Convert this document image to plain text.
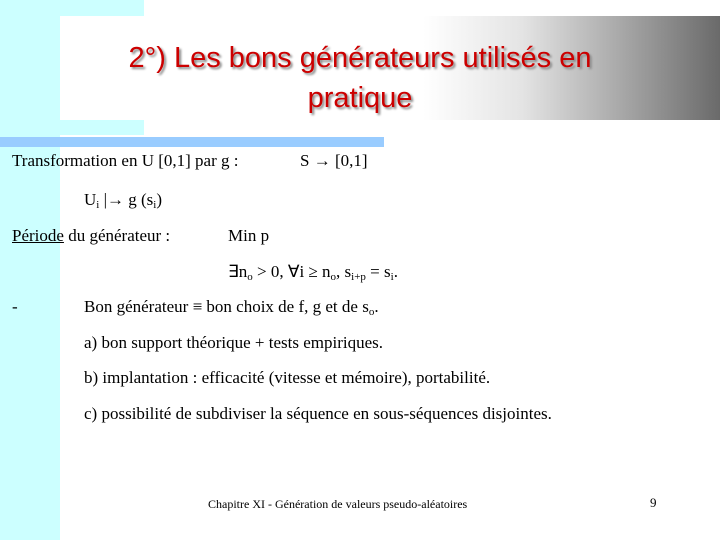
2°) Les bons générateurs utilisés en
pratique
Transformation en U [0,1] par g :	S → [0,1]
$U_i$ |→ g $(s_i)$
Période du générateur :	Min p
$\exists n_o > 0$, ∀i ≥ $n_o$, $s_{i+p} = s_i$.
-	Bon générateur ≡ bon choix de f, g et de $s_o$.
a) bon support théorique + tests empiriques.
b) implantation : efficacité (vitesse et mémoire), portabilité.
c) possibilité de subdiviser la séquence en sous-séquences disjointes.
Chapitre XI - Génération de valeurs pseudo-aléatoires	9
